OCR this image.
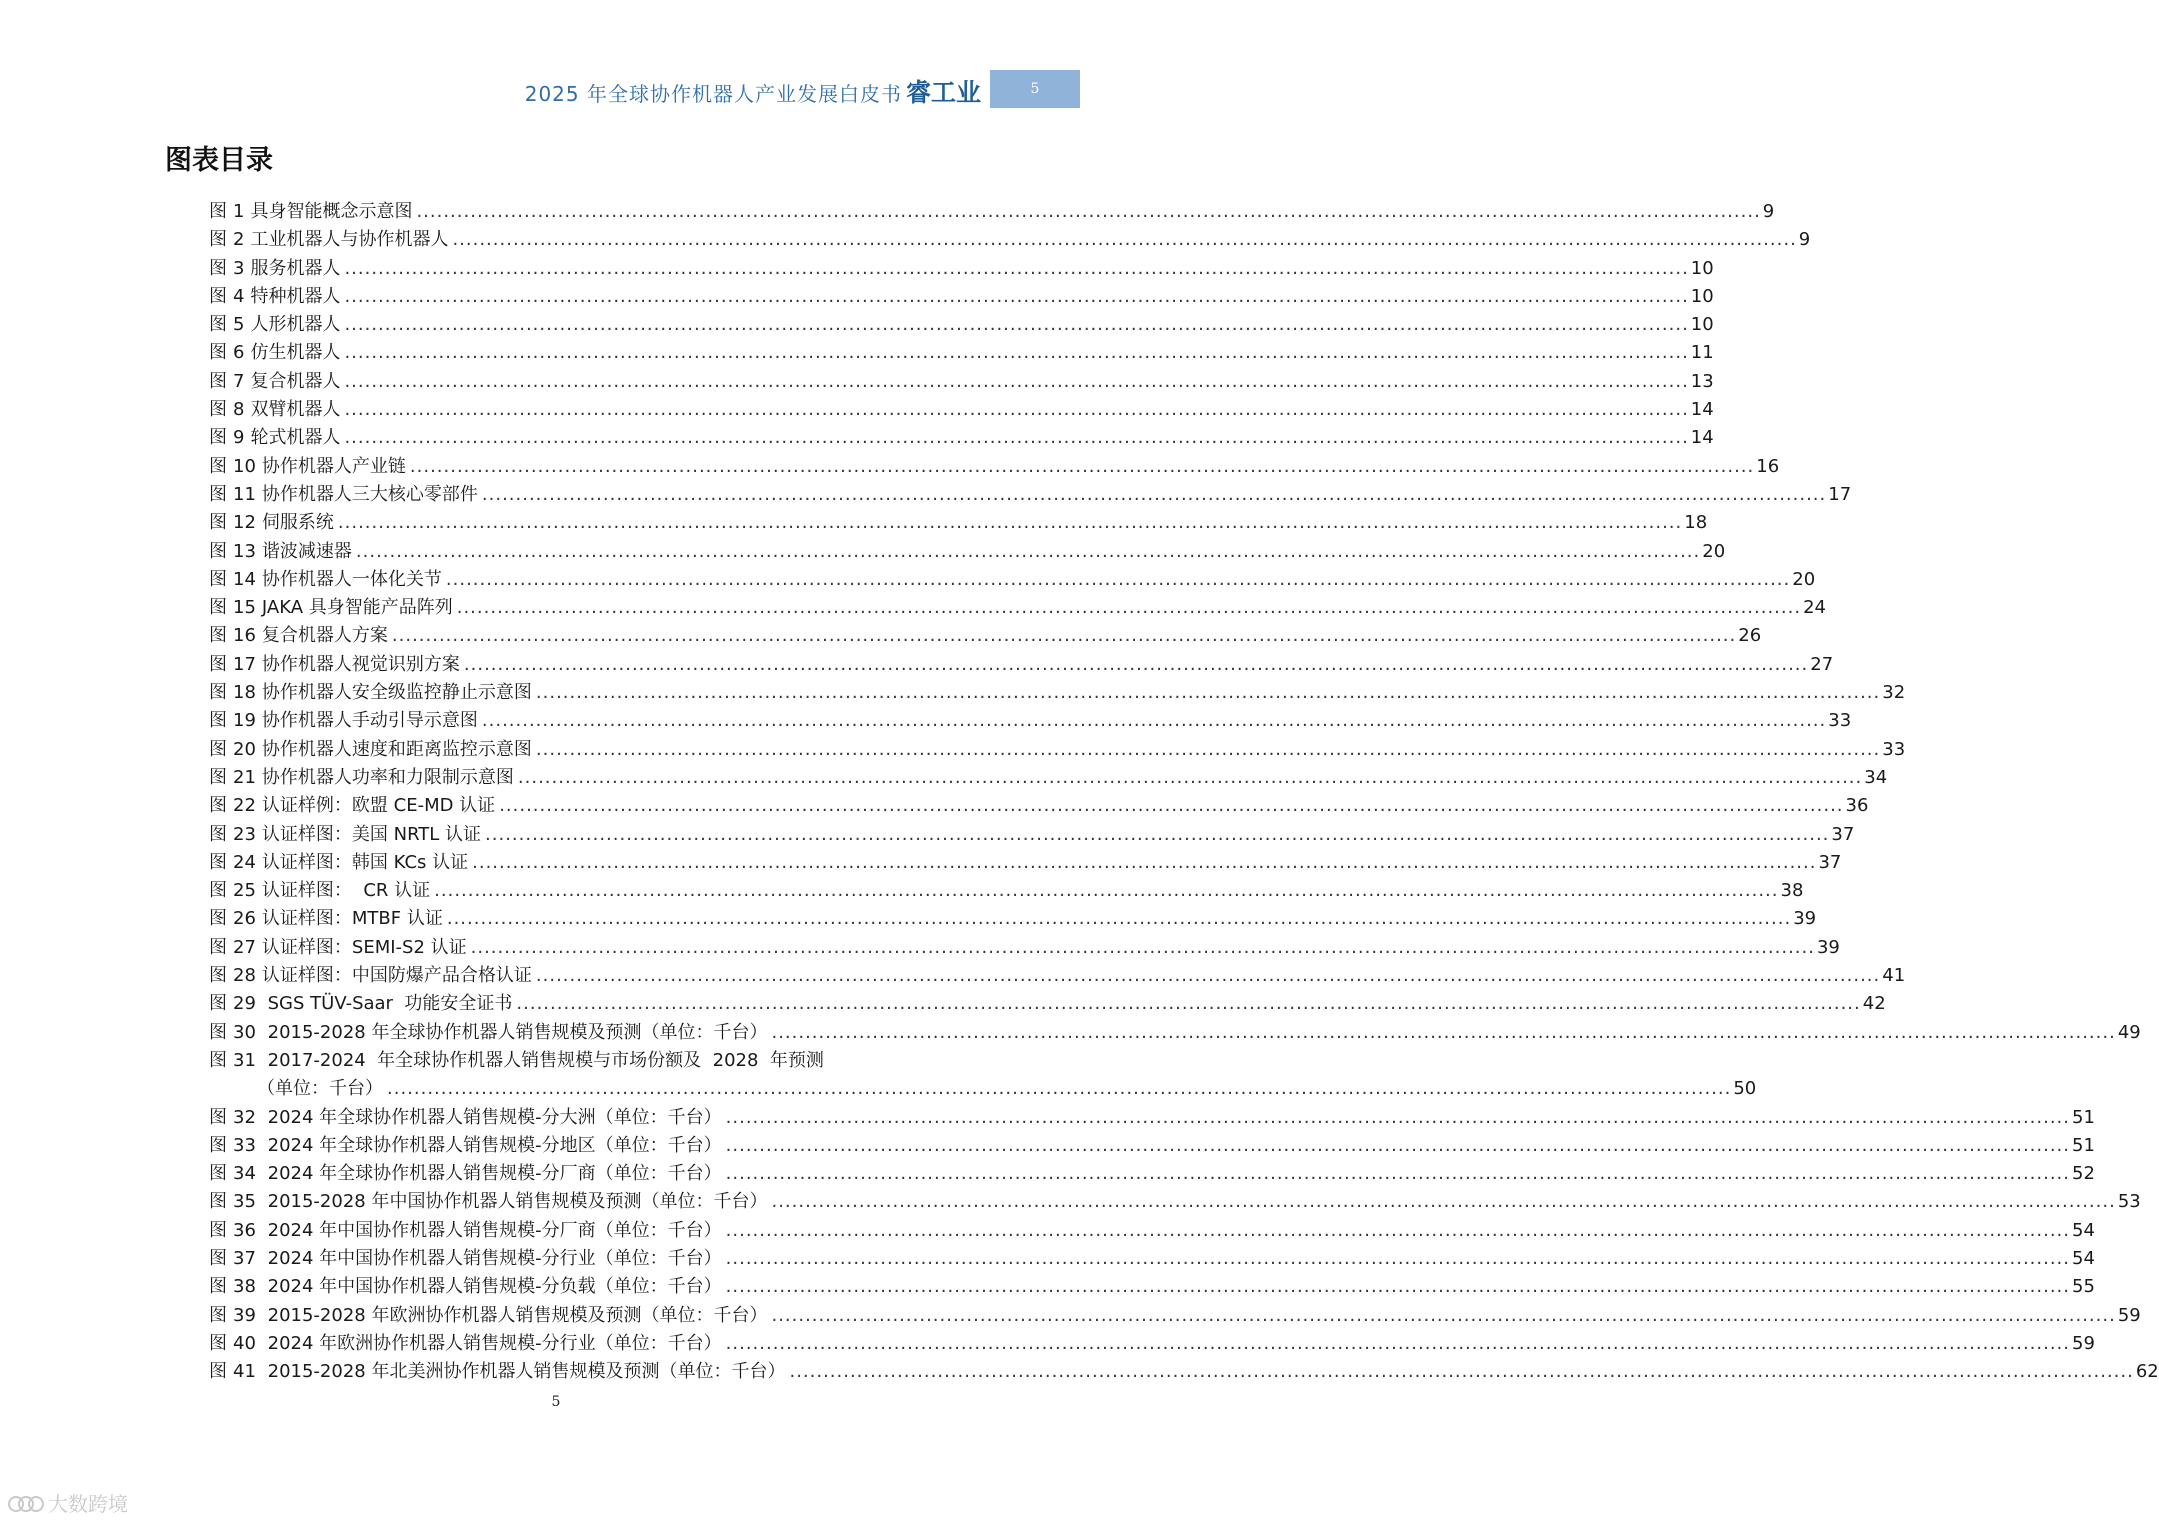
2025 年全球协作机器人产业发展白皮书 睿工业	5
图表目录
图 1 具身智能概念示意图 ........................................................................................................................................................................................................ 9
图 2 工业机器人与协作机器人 ........................................................................................................................................................................................................ 9
图 3 服务机器人 ........................................................................................................................................................................................................ 10
图 4 特种机器人 ........................................................................................................................................................................................................ 10
图 5 人形机器人 ........................................................................................................................................................................................................ 10
图 6 仿生机器人 ........................................................................................................................................................................................................ 11
图 7 复合机器人 ........................................................................................................................................................................................................ 13
图 8 双臂机器人 ........................................................................................................................................................................................................ 14
图 9 轮式机器人 ........................................................................................................................................................................................................ 14
图 10 协作机器人产业链 ........................................................................................................................................................................................................ 16
图 11 协作机器人三大核心零部件 ........................................................................................................................................................................................................ 17
图 12 伺服系统 ........................................................................................................................................................................................................ 18
图 13 谐波减速器 ........................................................................................................................................................................................................ 20
图 14 协作机器人一体化关节 ........................................................................................................................................................................................................ 20
图 15 JAKA 具身智能产品阵列 ........................................................................................................................................................................................................ 24
图 16 复合机器人方案 ........................................................................................................................................................................................................ 26
图 17 协作机器人视觉识别方案 ........................................................................................................................................................................................................ 27
图 18 协作机器人安全级监控静止示意图 ........................................................................................................................................................................................................ 32
图 19 协作机器人手动引导示意图 ........................................................................................................................................................................................................ 33
图 20 协作机器人速度和距离监控示意图 ........................................................................................................................................................................................................ 33
图 21 协作机器人功率和力限制示意图 ........................................................................................................................................................................................................ 34
图 22 认证样例：欧盟 CE-MD 认证 ........................................................................................................................................................................................................ 36
图 23 认证样图：美国 NRTL 认证 ........................................................................................................................................................................................................ 37
图 24 认证样图：韩国 KCs 认证 ........................................................................................................................................................................................................ 37
图 25 认证样图：  CR 认证 ........................................................................................................................................................................................................ 38
图 26 认证样图：MTBF 认证 ........................................................................................................................................................................................................ 39
图 27 认证样图：SEMI-S2 认证 ........................................................................................................................................................................................................ 39
图 28 认证样图：中国防爆产品合格认证 ........................................................................................................................................................................................................ 41
图 29 SGS TÜV-Saar  功能安全证书 ........................................................................................................................................................................................................ 42
图 30 2015-2028 年全球协作机器人销售规模及预测（单位：千台） ........................................................................................................................................................................................................ 49
图 31 2017-2024  年全球协作机器人销售规模与市场份额及  2028  年预测
（单位：千台） ........................................................................................................................................................................................................ 50
图 32 2024 年全球协作机器人销售规模-分大洲（单位：千台） ........................................................................................................................................................................................................ 51
图 33 2024 年全球协作机器人销售规模-分地区（单位：千台） ........................................................................................................................................................................................................ 51
图 34 2024 年全球协作机器人销售规模-分厂商（单位：千台） ........................................................................................................................................................................................................ 52
图 35 2015-2028 年中国协作机器人销售规模及预测（单位：千台） ........................................................................................................................................................................................................ 53
图 36 2024 年中国协作机器人销售规模-分厂商（单位：千台） ........................................................................................................................................................................................................ 54
图 37 2024 年中国协作机器人销售规模-分行业（单位：千台） ........................................................................................................................................................................................................ 54
图 38 2024 年中国协作机器人销售规模-分负载（单位：千台） ........................................................................................................................................................................................................ 55
图 39 2015-2028 年欧洲协作机器人销售规模及预测（单位：千台） ........................................................................................................................................................................................................ 59
图 40 2024 年欧洲协作机器人销售规模-分行业（单位：千台） ........................................................................................................................................................................................................ 59
图 41 2015-2028 年北美洲协作机器人销售规模及预测（单位：千台） ........................................................................................................................................................................................................ 62
5
大数跨境
